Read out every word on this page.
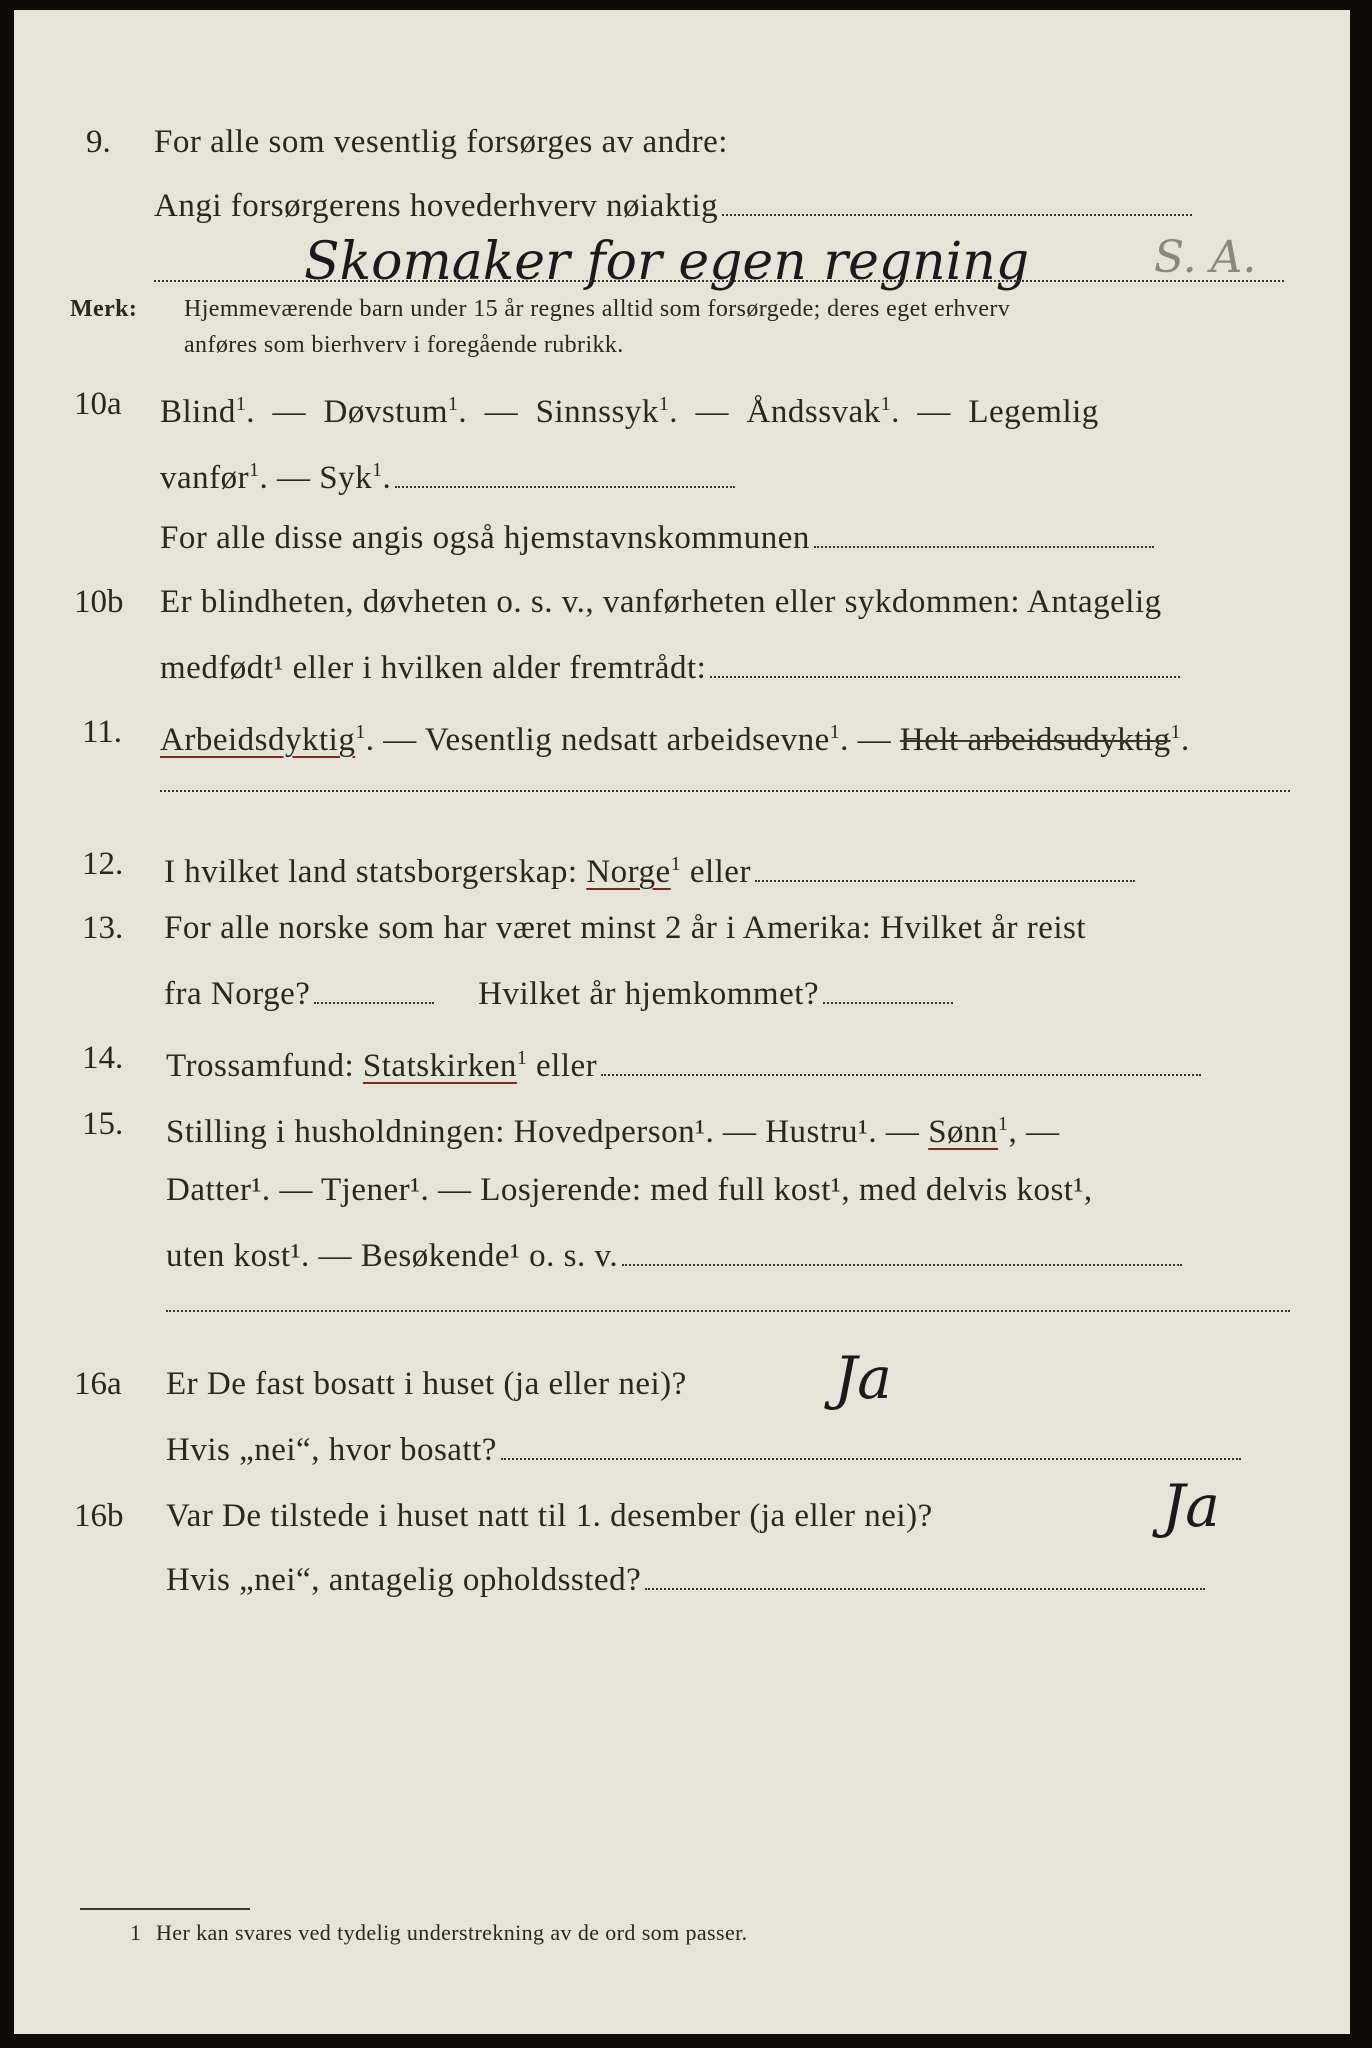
9. For alle som vesentlig forsørges av andre:
Angi forsørgerens hovederhverv nøiaktig
Skomaker for egen regning	S. A.
Merk: Hjemmeværende barn under 15 år regnes alltid som forsørgede; deres eget erhverv
anføres som bierhverv i foregående rubrikk.
10a Blind$^1$.  —  Døvstum$^1$.  —  Sinnssyk$^1$.  —  Åndssvak$^1$.  —  Legemlig
vanfør$^1$. — Syk$^1$.
For alle disse angis også hjemstavnskommunen
10b Er blindheten, døvheten o. s. v., vanførheten eller sykdommen: Antagelig
medfødt¹ eller i hvilken alder fremtrådt:
11. Arbeidsdyktig$^1$. — Vesentlig nedsatt arbeidsevne$^1$. — Helt arbeidsudyktig$^1$.
12. I hvilket land statsborgerskap: Norge$^1$ eller
13. For alle norske som har været minst 2 år i Amerika: Hvilket år reist
fra Norge?	Hvilket år hjemkommet?
14. Trossamfund: Statskirken$^1$ eller
15. Stilling i husholdningen: Hovedperson¹. — Hustru¹. — Sønn$^1$, —
Datter¹. — Tjener¹. — Losjerende: med full kost¹, med delvis kost¹,
uten kost¹. — Besøkende¹ o. s. v.
16a Er De fast bosatt i huset (ja eller nei)?	Ja
Hvis „nei“, hvor bosatt?
16b Var De tilstede i huset natt til 1. desember (ja eller nei)?	Ja
Hvis „nei“, antagelig opholdssted?
1 Her kan svares ved tydelig understrekning av de ord som passer.
